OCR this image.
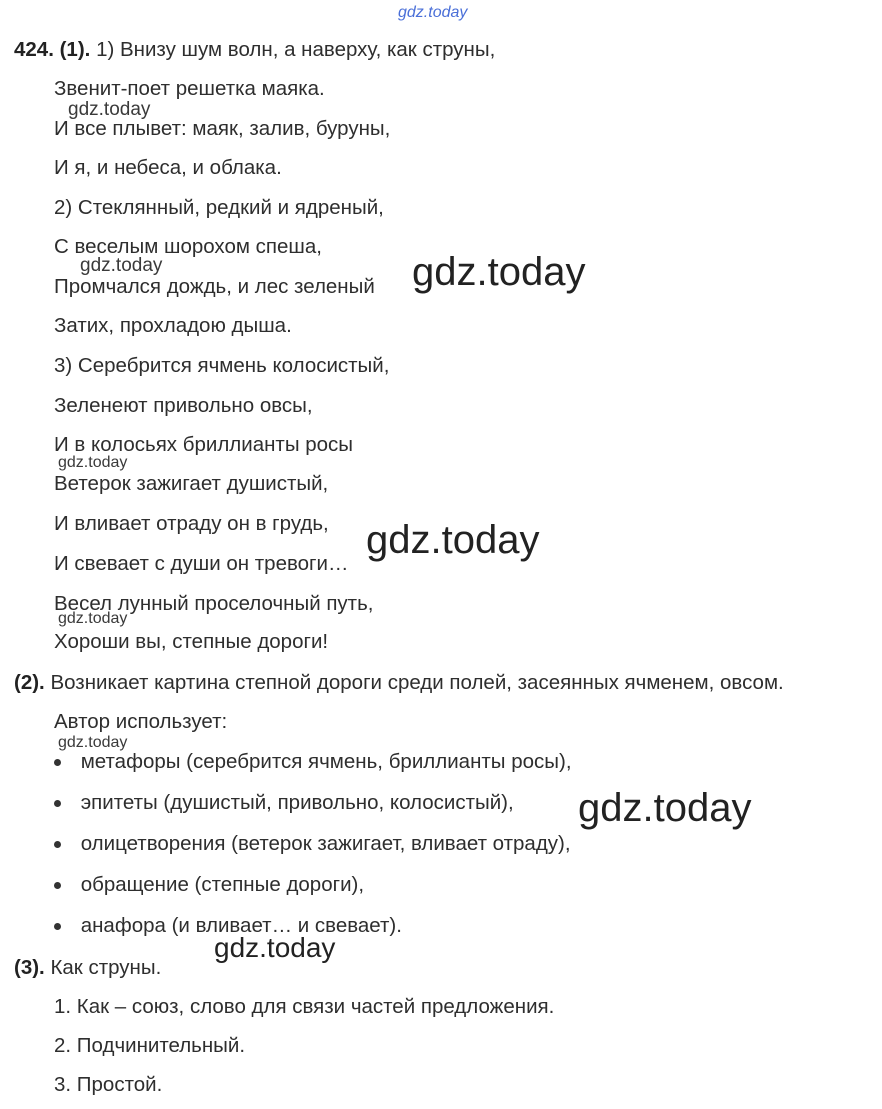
gdz.today
424. (1). 1) Внизу шум волн, а наверху, как струны,
Звенит-поет решетка маяка.
gdz.today
И все плывет: маяк, залив, буруны,
И я, и небеса, и облака.
2) Стеклянный, редкий и ядреный,
С веселым шорохом спеша,
gdz.today
Промчался дождь, и лес зеленый gdz.today
Затих, прохладою дыша.
3) Серебрится ячмень колосистый,
Зеленеют привольно овсы,
И в колосьях бриллианты росы
gdz.today
Ветерок зажигает душистый,
И вливает отраду он в грудь, gdz.today
И свевает с души он тревоги…
Весел лунный проселочный путь,
gdz.today
Хороши вы, степные дороги!
(2). Возникает картина степной дороги среди полей, засеянных ячменем, овсом.
Автор использует:
gdz.today
метафоры (серебрится ячмень, бриллианты росы),
эпитеты (душистый, привольно, колосистый), gdz.today
олицетворения (ветерок зажигает, вливает отраду),
обращение (степные дороги),
анафора (и вливает… и свевает).
gdz.today
(3). Как струны.
1. Как – союз, слово для связи частей предложения.
2. Подчинительный.
3. Простой.
